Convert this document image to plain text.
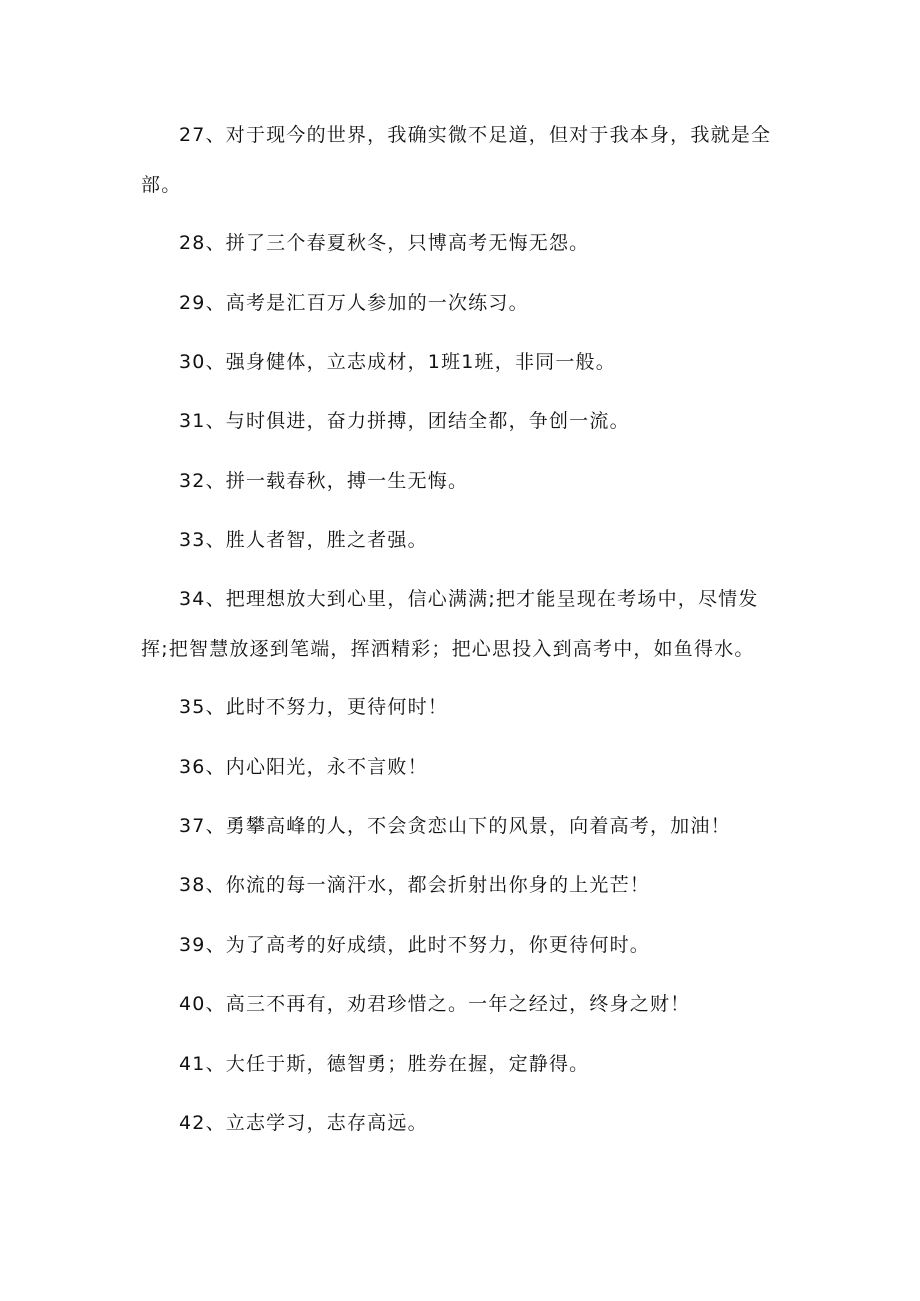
27、对于现今的世界，我确实微不足道，但对于我本身，我就是全部。
28、拼了三个春夏秋冬，只博高考无悔无怨。
29、高考是汇百万人参加的一次练习。
30、强身健体，立志成材，1班1班，非同一般。
31、与时俱进，奋力拼搏，团结全都，争创一流。
32、拼一载春秋，搏一生无悔。
33、胜人者智，胜之者强。
34、把理想放大到心里，信心满满;把才能呈现在考场中，尽情发挥;把智慧放逐到笔端，挥洒精彩；把心思投入到高考中，如鱼得水。
35、此时不努力，更待何时！
36、内心阳光，永不言败！
37、勇攀高峰的人，不会贪恋山下的风景，向着高考，加油！
38、你流的每一滴汗水，都会折射出你身的上光芒！
39、为了高考的好成绩，此时不努力，你更待何时。
40、高三不再有，劝君珍惜之。一年之经过，终身之财！
41、大任于斯，德智勇；胜券在握，定静得。
42、立志学习，志存高远。
